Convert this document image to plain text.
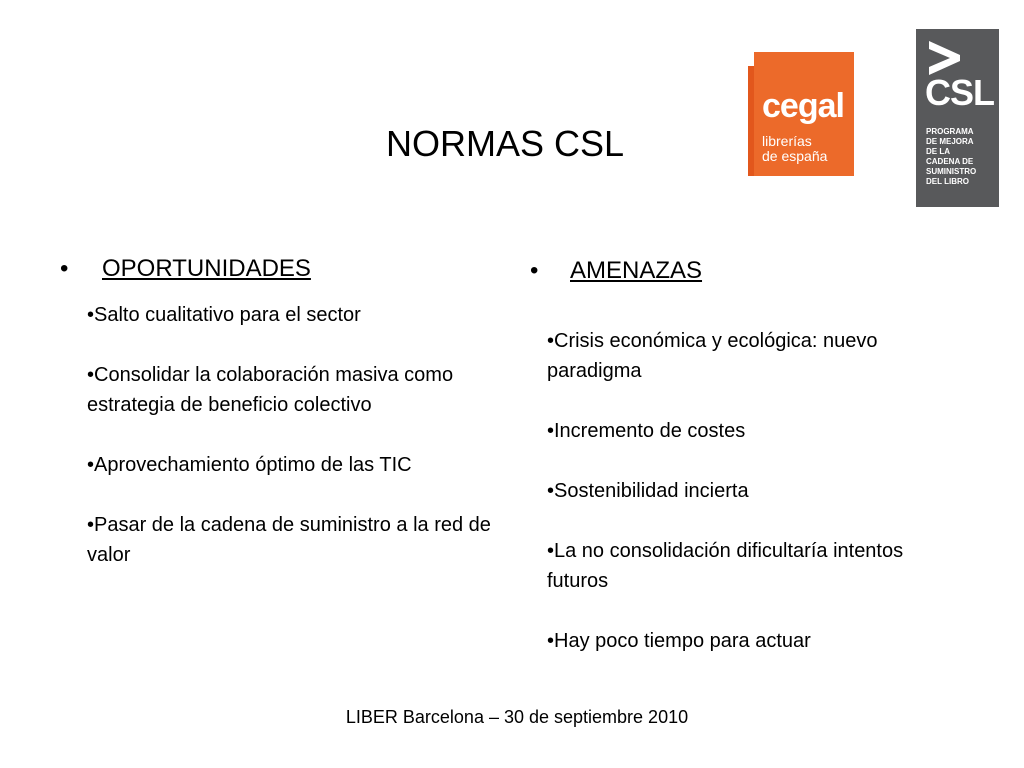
NORMAS CSL
cegal
librerías
de españa
CSL
PROGRAMA
DE MEJORA
DE LA
CADENA DE
SUMINISTRO
DEL LIBRO
• OPORTUNIDADES

•Salto cualitativo para el sector

•Consolidar la colaboración masiva como estrategia de beneficio colectivo

•Aprovechamiento óptimo de las TIC

•Pasar de la cadena de suministro a la red de valor

• AMENAZAS

•Crisis económica y ecológica: nuevo paradigma

•Incremento de costes

•Sostenibilidad incierta

•La no consolidación dificultaría intentos futuros

•Hay poco tiempo para actuar

LIBER Barcelona – 30 de septiembre 2010
